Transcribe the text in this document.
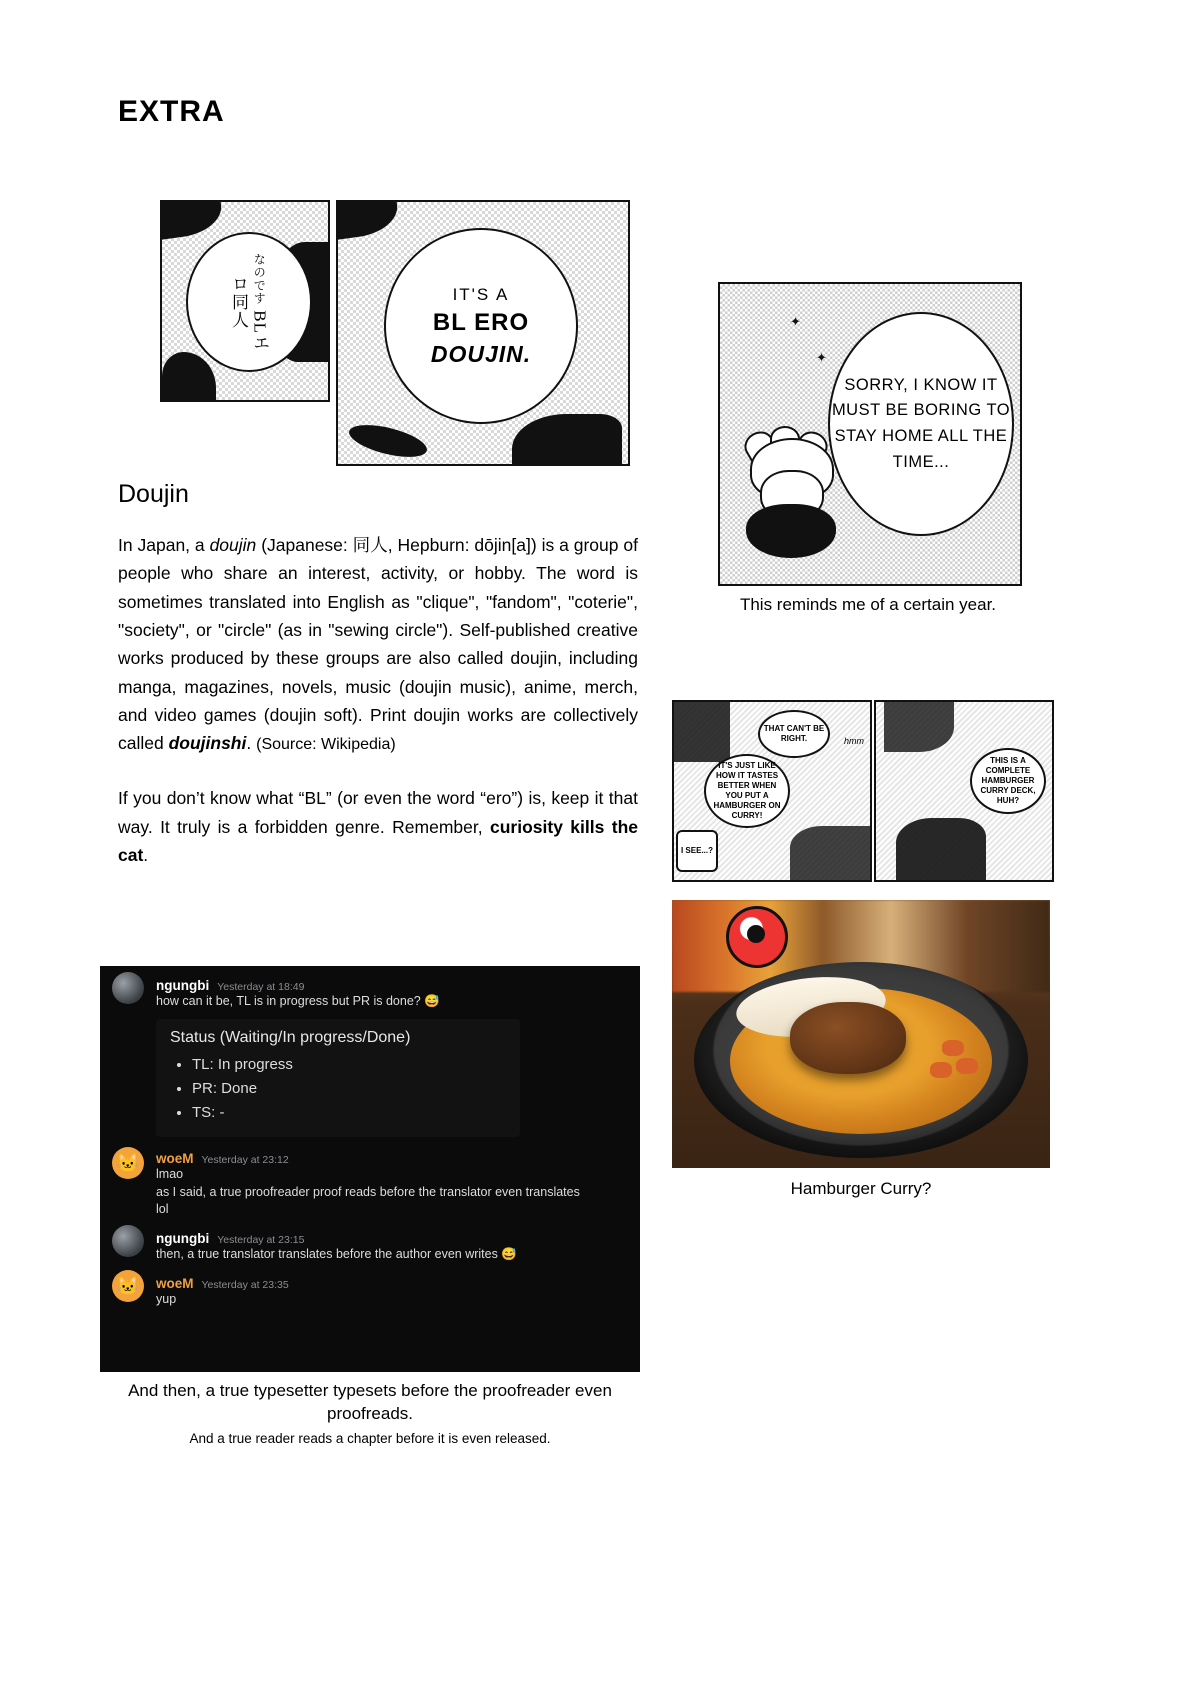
EXTRA
なのです BLエロ同人	IT'S A
BL ERO
DOUJIN.
Doujin
In Japan, a doujin (Japanese: 同人, Hepburn: dōjin[a]) is a group of people who share an interest, activity, or hobby. The word is sometimes translated into English as "clique", "fandom", "coterie", "society", or "circle" (as in "sewing circle"). Self-published creative works produced by these groups are also called doujin, including manga, magazines, novels, music (doujin music), anime, merch, and video games (doujin soft). Print doujin works are collectively called doujinshi. (Source: Wikipedia)
If you don’t know what “BL” (or even the word “ero”) is, keep it that way. It truly is a forbidden genre. Remember, curiosity kills the cat.
ngungbi Yesterday at 18:49
how can it be, TL is in progress but PR is done? 😅
Status (Waiting/In progress/Done)
• TL: In progress
• PR: Done
• TS: -
🐱 woeM Yesterday at 23:12
lmao
as I said, a true proofreader proof reads before the translator even translates
lol
ngungbi Yesterday at 23:15
then, a true translator translates before the author even writes 😅
🐱 woeM Yesterday at 23:35
yup
And then, a true typesetter typesets before the proofreader even proofreads.
And a true reader reads a chapter before it is even released.
SORRY, I KNOW IT MUST BE BORING TO STAY HOME ALL THE TIME...
✦
✦
This reminds me of a certain year.
THAT CAN'T BE RIGHT.
IT'S JUST LIKE HOW IT TASTES BETTER WHEN YOU PUT A HAMBURGER ON CURRY!
I SEE...?
hmm
THIS IS A COMPLETE HAMBURGER CURRY DECK, HUH?
Hamburger Curry?
